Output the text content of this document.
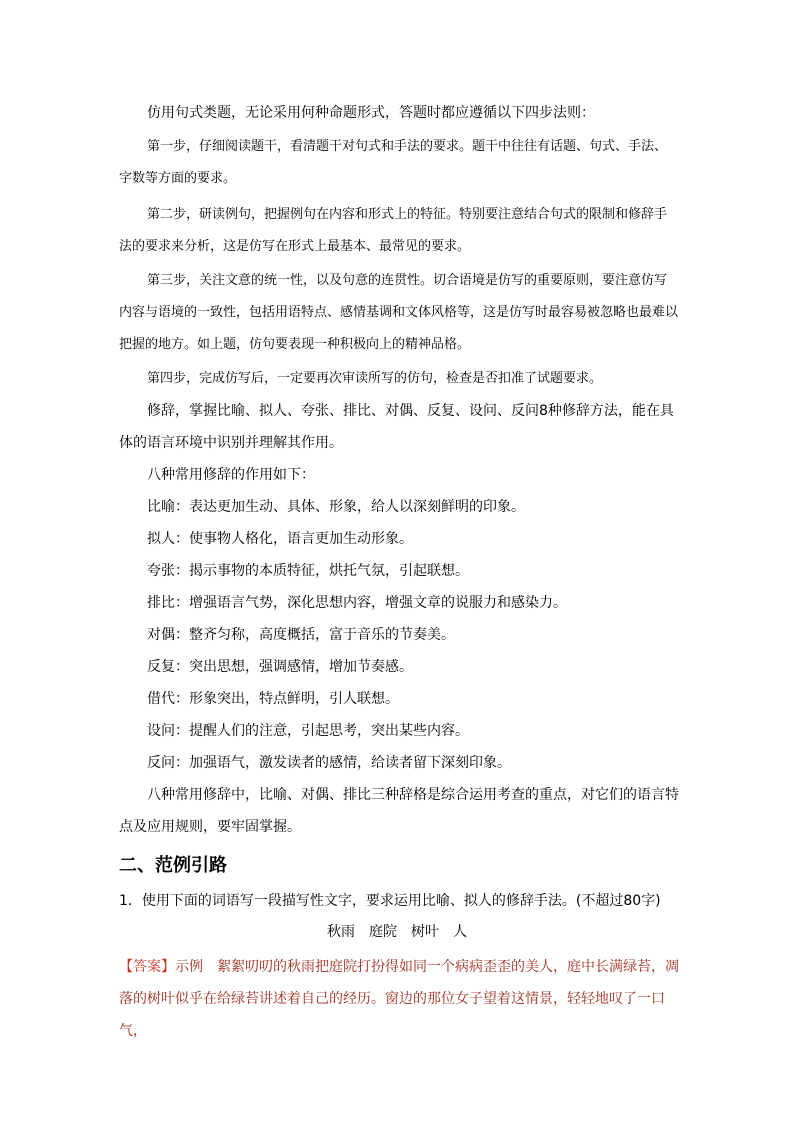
仿用句式类题，无论采用何种命题形式，答题时都应遵循以下四步法则：

第一步，仔细阅读题干，看清题干对句式和手法的要求。题干中往往有话题、句式、手法、字数等方面的要求。

第二步，研读例句，把握例句在内容和形式上的特征。特别要注意结合句式的限制和修辞手法的要求来分析，这是仿写在形式上最基本、最常见的要求。

第三步，关注文意的统一性，以及句意的连贯性。切合语境是仿写的重要原则，要注意仿写内容与语境的一致性，包括用语特点、感情基调和文体风格等，这是仿写时最容易被忽略也最难以把握的地方。如上题，仿句要表现一种积极向上的精神品格。

第四步，完成仿写后，一定要再次审读所写的仿句，检查是否扣准了试题要求。

修辞，掌握比喻、拟人、夸张、排比、对偶、反复、设问、反问8种修辞方法，能在具体的语言环境中识别并理解其作用。

八种常用修辞的作用如下：

比喻：表达更加生动、具体、形象，给人以深刻鲜明的印象。

拟人：使事物人格化，语言更加生动形象。

夸张：揭示事物的本质特征，烘托气氛，引起联想。

排比：增强语言气势，深化思想内容，增强文章的说服力和感染力。

对偶：整齐匀称，高度概括，富于音乐的节奏美。

反复：突出思想，强调感情，增加节奏感。

借代：形象突出，特点鲜明，引人联想。

设问：提醒人们的注意，引起思考，突出某些内容。

反问：加强语气，激发读者的感情，给读者留下深刻印象。

八种常用修辞中，比喻、对偶、排比三种辞格是综合运用考查的重点，对它们的语言特点及应用规则，要牢固掌握。

二、范例引路

1．使用下面的词语写一段描写性文字，要求运用比喻、拟人的修辞手法。(不超过80字)

秋雨　庭院　树叶　人

【答案】示例　絮絮叨叨的秋雨把庭院打扮得如同一个病病歪歪的美人，庭中长满绿苔，凋落的树叶似乎在给绿苔讲述着自己的经历。窗边的那位女子望着这情景，轻轻地叹了一口气，
